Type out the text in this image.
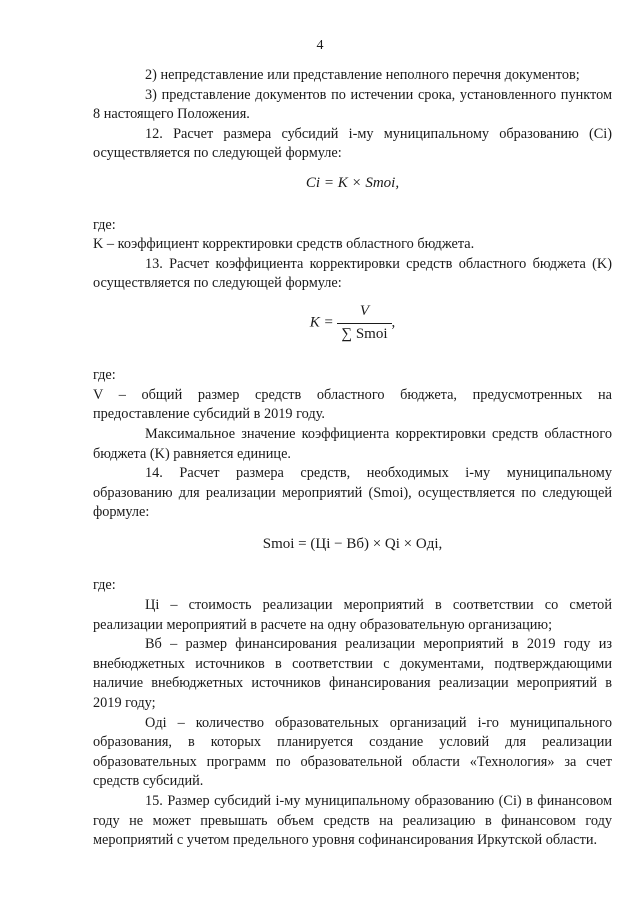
4

2) непредставление или представление неполного перечня документов;

3) представление документов по истечении срока, установленного пунктом 8 настоящего Положения.

12. Расчет размера субсидий i-му муниципальному образованию (Ci) осуществляется по следующей формуле:

Ci = K × Smoi,

где:

K – коэффициент корректировки средств областного бюджета.

13. Расчет коэффициента корректировки средств областного бюджета (K) осуществляется по следующей формуле:

$K = \frac{V}{\text{∑ Smoi}}$ ,

где:

V – общий размер средств областного бюджета, предусмотренных на предоставление субсидий в 2019 году.

Максимальное значение коэффициента корректировки средств областного бюджета (K) равняется единице.

14. Расчет размера средств, необходимых i-му муниципальному образованию для реализации мероприятий (Smoi), осуществляется по следующей формуле:

Smoi = (Цi − Вб) × Qi × Oдi,

где:

Цi – стоимость реализации мероприятий в соответствии со сметой реализации мероприятий в расчете на одну образовательную организацию;

Вб – размер финансирования реализации мероприятий в 2019 году из внебюджетных источников в соответствии с документами, подтверждающими наличие внебюджетных источников финансирования реализации мероприятий в 2019 году;

Oдi – количество образовательных организаций i-го муниципального образования, в которых планируется создание условий для реализации образовательных программ по образовательной области «Технология» за счет средств субсидий.

15. Размер субсидий i-му муниципальному образованию (Ci) в финансовом году не может превышать объем средств на реализацию в финансовом году мероприятий с учетом предельного уровня софинансирования Иркутской области.
